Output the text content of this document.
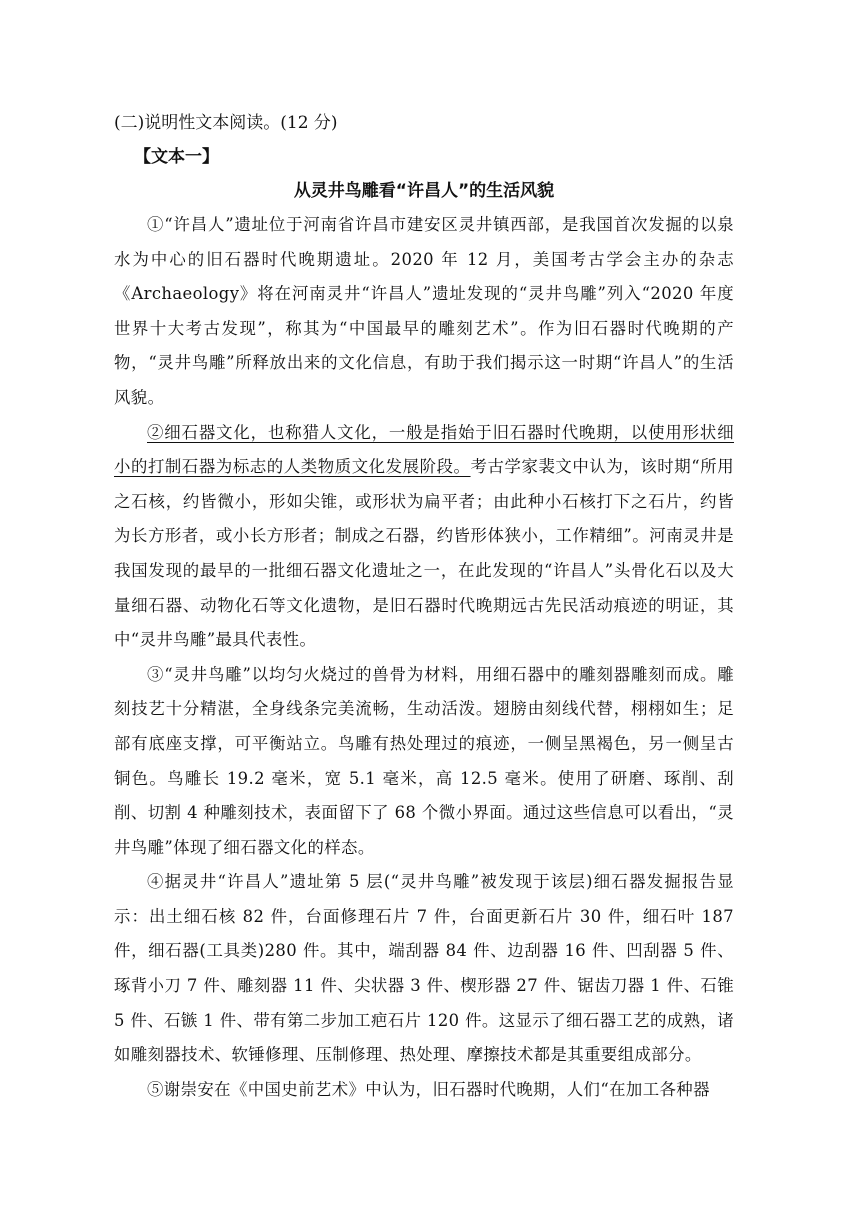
(二)说明性文本阅读。(12 分)

【文本一】

从灵井鸟雕看“许昌人”的生活风貌

①“许昌人”遗址位于河南省许昌市建安区灵井镇西部，是我国首次发掘的以泉水为中心的旧石器时代晚期遗址。2020 年 12 月，美国考古学会主办的杂志《Archaeology》将在河南灵井“许昌人”遗址发现的“灵井鸟雕”列入“2020 年度世界十大考古发现”，称其为“中国最早的雕刻艺术”。作为旧石器时代晚期的产物，“灵井鸟雕”所释放出来的文化信息，有助于我们揭示这一时期“许昌人”的生活风貌。

②细石器文化，也称猎人文化，一般是指始于旧石器时代晚期，以使用形状细小的打制石器为标志的人类物质文化发展阶段。考古学家裴文中认为，该时期“所用之石核，约皆微小，形如尖锥，或形状为扁平者；由此种小石核打下之石片，约皆为长方形者，或小长方形者；制成之石器，约皆形体狭小，工作精细”。河南灵井是我国发现的最早的一批细石器文化遗址之一，在此发现的“许昌人”头骨化石以及大量细石器、动物化石等文化遗物，是旧石器时代晚期远古先民活动痕迹的明证，其中“灵井鸟雕”最具代表性。

③“灵井鸟雕”以均匀火烧过的兽骨为材料，用细石器中的雕刻器雕刻而成。雕刻技艺十分精湛，全身线条完美流畅，生动活泼。翅膀由刻线代替，栩栩如生；足部有底座支撑，可平衡站立。鸟雕有热处理过的痕迹，一侧呈黑褐色，另一侧呈古铜色。鸟雕长 19.2 毫米，宽 5.1 毫米，高 12.5 毫米。使用了研磨、琢削、刮削、切割 4 种雕刻技术，表面留下了 68 个微小界面。通过这些信息可以看出，“灵井鸟雕”体现了细石器文化的样态。

④据灵井“许昌人”遗址第 5 层(“灵井鸟雕”被发现于该层)细石器发掘报告显示：出土细石核 82 件，台面修理石片 7 件，台面更新石片 30 件，细石叶 187 件，细石器(工具类)280 件。其中，端刮器 84 件、边刮器 16 件、凹刮器 5 件、琢背小刀 7 件、雕刻器 11 件、尖状器 3 件、楔形器 27 件、锯齿刀器 1 件、石锥 5 件、石镞 1 件、带有第二步加工疤石片 120 件。这显示了细石器工艺的成熟，诸如雕刻器技术、软锤修理、压制修理、热处理、摩擦技术都是其重要组成部分。

⑤谢崇安在《中国史前艺术》中认为，旧石器时代晚期，人们“在加工各种器
